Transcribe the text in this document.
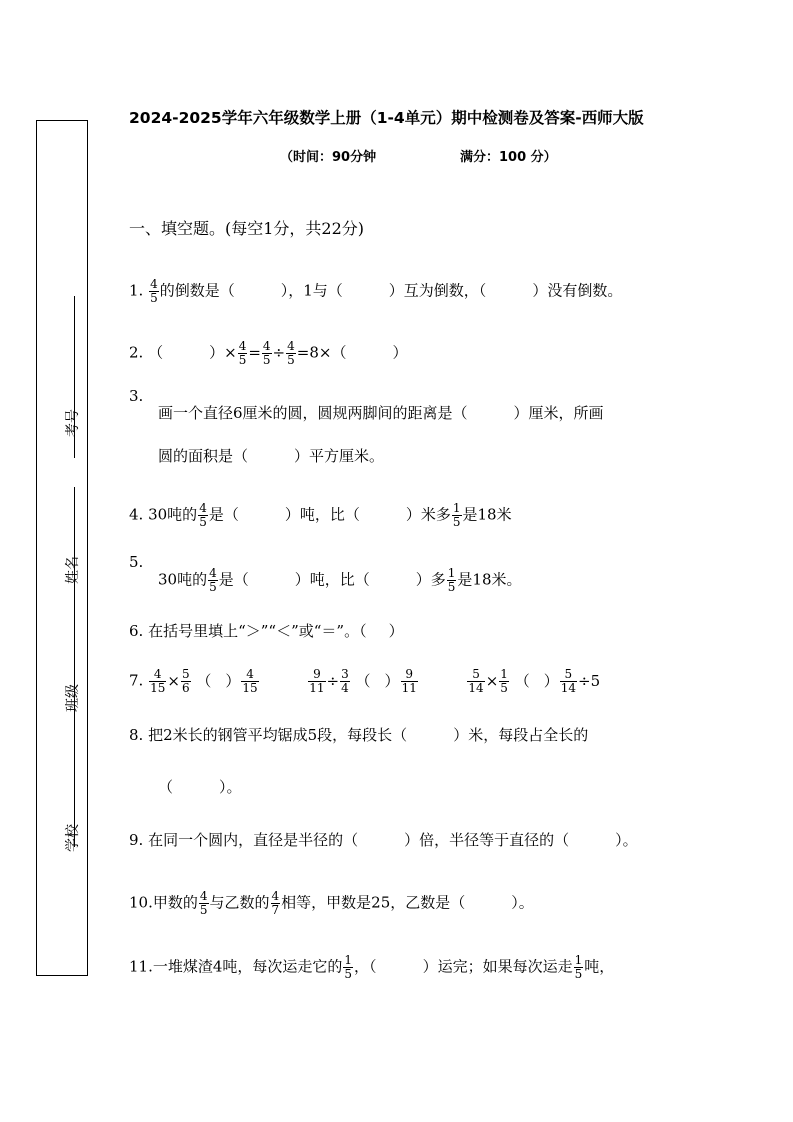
考号
姓名
班级
学校
2024-2025学年六年级数学上册（1-4单元）期中检测卷及答案-西师大版
（时间：90分钟	满分：100 分）
一、填空题。(每空1分，共22分)
1. $\frac{4}{5}$ 的倒数是（	），1与（	）互为倒数，（	）没有倒数。
2. （	）× $\frac{4}{5} = \frac{4}{5} \div \frac{4}{5} =8\times$（	）
3.
画一个直径6厘米的圆，圆规两脚间的距离是（	）厘米，所画
圆的面积是（	）平方厘米。
4. 30吨的 $\frac{4}{5}$ 是（	）吨，比（	）米多 $\frac{1}{5}$ 是18米
5.
30吨的 $\frac{4}{5}$ 是（	）吨，比（	）多 $\frac{1}{5}$ 是18米。
6. 在括号里填上“＞”“＜”或“＝”。（ ）
7. $\frac{4}{15} \times \frac{5}{6}$ （ ） $\frac{4}{15}$
	$\frac{9}{11} \div \frac{3}{4}$ （ ） $\frac{9}{11}$
	$\frac{5}{14} \times \frac{1}{5}$ （ ） $\frac{5}{14} \div 5$
8. 把2米长的钢管平均锯成5段，每段长（	）米，每段占全长的
（	）。
9. 在同一个圆内，直径是半径的（	）倍，半径等于直径的（	）。
10.甲数的 $\frac{4}{5}$ 与乙数的 $\frac{4}{7}$ 相等，甲数是25，乙数是（	）。
11.一堆煤渣4吨，每次运走它的 $\frac{1}{5}$ ，（	）运完；如果每次运走 $\frac{1}{5}$ 吨，
